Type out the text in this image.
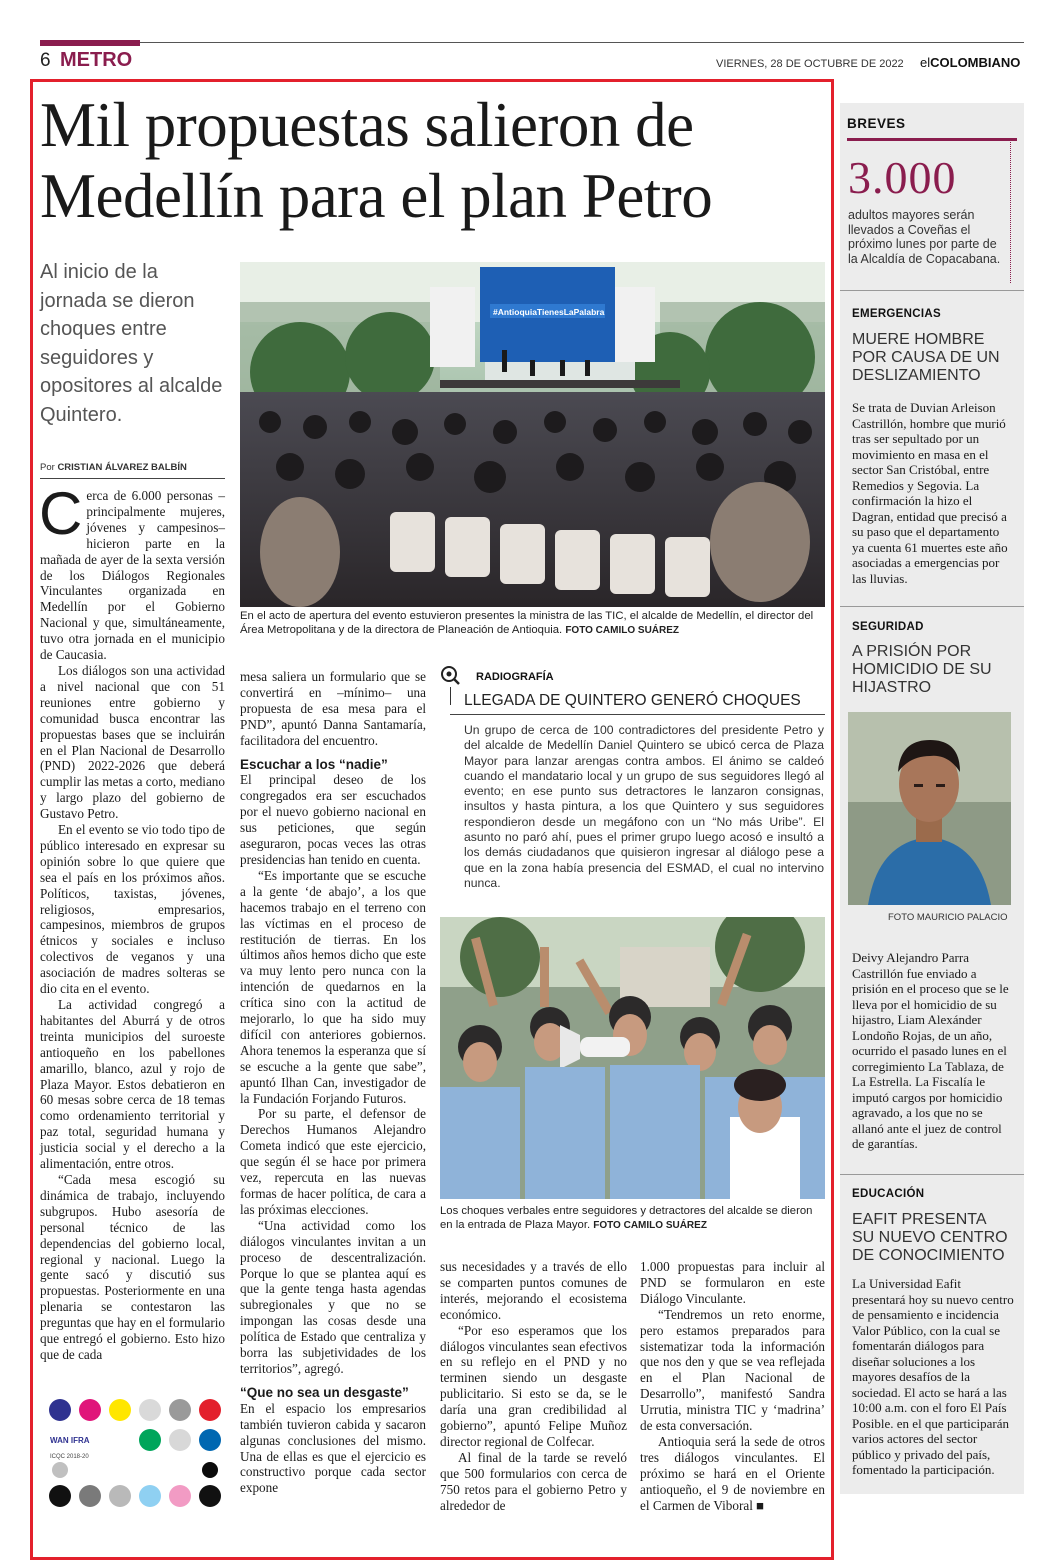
6 METRO	VIERNES, 28 DE OCTUBRE DE 2022 elCOLOMBIANO
Mil propuestas salieron de Medellín para el plan Petro
Al inicio de la jornada se dieron choques entre seguidores y opositores al alcalde Quintero.
Por CRISTIAN ÁLVAREZ BALBÍN
#AntioquiaTienesLaPalabra
En el acto de apertura del evento estuvieron presentes la ministra de las TIC, el alcalde de Medellín, el director del Área Metropolitana y de la directora de Planeación de Antioquia. FOTO CAMILO SUÁREZ

Cerca de 6.000 personas –principalmente mujeres, jóvenes y campesinos– hicieron parte en la mañada de ayer de la sexta versión de los Diálogos Regionales Vinculantes organizada en Medellín por el Gobierno Nacional y que, simultáneamente, tuvo otra jornada en el municipio de Caucasia.

Los diálogos son una actividad a nivel nacional que con 51 reuniones entre gobierno y comunidad busca encontrar las propuestas bases que se incluirán en el Plan Nacional de Desarrollo (PND) 2022-2026 que deberá cumplir las metas a corto, mediano y largo plazo del gobierno de Gustavo Petro.

En el evento se vio todo tipo de público interesado en expresar su opinión sobre lo que quiere que sea el país en los próximos años. Políticos, taxistas, jóvenes, religiosos, empresarios, campesinos, miembros de grupos étnicos y sociales e incluso colectivos de veganos y una asociación de madres solteras se dio cita en el evento.

La actividad congregó a habitantes del Aburrá y de otros treinta municipios del suroeste antioqueño en los pabellones amarillo, blanco, azul y rojo de Plaza Mayor. Estos debatieron en 60 mesas sobre cerca de 18 temas como ordenamiento territorial y paz total, seguridad humana y justicia social y el derecho a la alimentación, entre otros.

“Cada mesa escogió su dinámica de trabajo, incluyendo subgrupos. Hubo asesoría de personal técnico de las dependencias del gobierno local, regional y nacional. Luego la gente sacó y discutió sus propuestas. Posteriormente en una plenaria se contestaron las preguntas que hay en el formulario que entregó el gobierno. Esto hizo que de cada

mesa saliera un formulario que se convertirá en –mínimo– una propuesta de esa mesa para el PND”, apuntó Danna Santamaría, facilitadora del encuentro.

Escuchar a los “nadie”

El principal deseo de los congregados era ser escuchados por el nuevo gobierno nacional en sus peticiones, que según aseguraron, pocas veces las otras presidencias han tenido en cuenta.

“Es importante que se escuche a la gente ‘de abajo’, a los que hacemos trabajo en el terreno con las víctimas en el proceso de restitución de tierras. En los últimos años hemos dicho que este va muy lento pero nunca con la intención de quedarnos en la crítica sino con la actitud de mejorarlo, lo que ha sido muy difícil con anteriores gobiernos. Ahora tenemos la esperanza que sí se escuche a la gente que sabe”, apuntó Ilhan Can, investigador de la Fundación Forjando Futuros.

Por su parte, el defensor de Derechos Humanos Alejandro Cometa indicó que este ejercicio, que según él se hace por primera vez, repercuta en las nuevas formas de hacer política, de cara a las próximas elecciones.

“Una actividad como los diálogos vinculantes invitan a un proceso de descentralización. Porque lo que se plantea aquí es que la gente tenga hasta agendas subregionales y que no se impongan las cosas desde una política de Estado que centraliza y borra las subjetividades de los territorios”, agregó.

“Que no sea un desgaste”

En el espacio los empresarios también tuvieron cabida y sacaron algunas conclusiones del mismo. Una de ellas es que el ejercicio es constructivo porque cada sector expone

RADIOGRAFÍA
LLEGADA DE QUINTERO GENERÓ CHOQUES
Un grupo de cerca de 100 contradictores del presidente Petro y del alcalde de Medellín Daniel Quintero se ubicó cerca de Plaza Mayor para lanzar arengas contra ambos. El ánimo se caldeó cuando el mandatario local y un grupo de sus seguidores llegó al evento; en ese punto sus detractores le lanzaron consignas, insultos y hasta pintura, a los que Quintero y sus seguidores respondieron desde un megáfono con un “No más Uribe”. El asunto no paró ahí, pues el primer grupo luego acosó e insultó a los demás ciudadanos que quisieron ingresar al diálogo pese a que en la zona había presencia del ESMAD, el cual no intervino nunca.
Los choques verbales entre seguidores y detractores del alcalde se dieron en la entrada de Plaza Mayor. FOTO CAMILO SUÁREZ

sus necesidades y a través de ello se comparten puntos comunes de interés, mejorando el ecosistema económico.

“Por eso esperamos que los diálogos vinculantes sean efectivos en su reflejo en el PND y no terminen siendo un desgaste publicitario. Si esto se da, se le daría una gran credibilidad al gobierno”, apuntó Felipe Muñoz director regional de Colfecar.

Al final de la tarde se reveló que 500 formularios con cerca de 750 retos para el gobierno Petro y alrededor de

1.000 propuestas para incluir al PND se formularon en este Diálogo Vinculante.

“Tendremos un reto enorme, pero estamos preparados para sistematizar toda la información que nos den y que se vea reflejada en el Plan Nacional de Desarrollo”, manifestó Sandra Urrutia, ministra TIC y ‘madrina’ de esta conversación.

Antioquia será la sede de otros tres diálogos vinculantes. El próximo se hará en el Oriente antioqueño, el 9 de noviembre en el Carmen de Viboral ■

WAN IFRA
ICQC 2018-20
BREVES
3.000
adultos mayores serán llevados a Coveñas el próximo lunes por parte de la Alcaldía de Copacabana.
EMERGENCIAS
MUERE HOMBRE POR CAUSA DE UN DESLIZAMIENTO
Se trata de Duvian Arleison Castrillón, hombre que murió tras ser sepultado por un movimiento en masa en el sector San Cristóbal, entre Remedios y Segovia. La confirmación la hizo el Dagran, entidad que precisó a su paso que el departamento ya cuenta 61 muertes este año asociadas a emergencias por las lluvias.
SEGURIDAD
A PRISIÓN POR HOMICIDIO DE SU HIJASTRO
FOTO MAURICIO PALACIO
Deivy Alejandro Parra Castrillón fue enviado a prisión en el proceso que se le lleva por el homicidio de su hijastro, Liam Alexánder Londoño Rojas, de un año, ocurrido el pasado lunes en el corregimiento La Tablaza, de La Estrella. La Fiscalía le imputó cargos por homicidio agravado, a los que no se allanó ante el juez de control de garantías.
EDUCACIÓN
EAFIT PRESENTA SU NUEVO CENTRO DE CONOCIMIENTO
La Universidad Eafit presentará hoy su nuevo centro de pensamiento e incidencia Valor Público, con la cual se fomentarán diálogos para diseñar soluciones a los mayores desafíos de la sociedad. El acto se hará a las 10:00 a.m. con el foro El País Posible. en el que participarán varios actores del sector público y privado del país, fomentado la participación.
